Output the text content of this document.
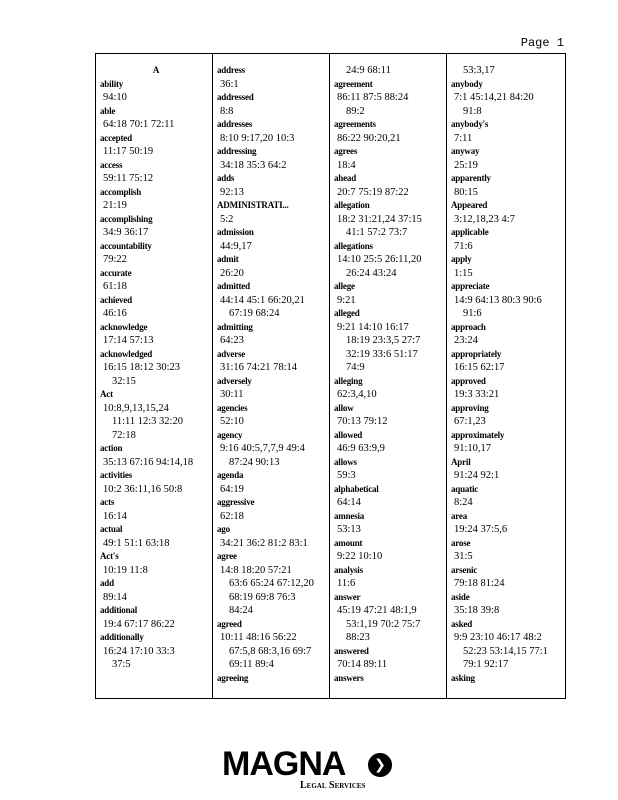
Page 1
A
ability
94:10
able
64:18 70:1 72:11
accepted
11:17 50:19
access
59:11 75:12
accomplish
21:19
accomplishing
34:9 36:17
accountability
79:22
accurate
61:18
achieved
46:16
acknowledge
17:14 57:13
acknowledged
16:15 18:12 30:23
32:15
Act
10:8,9,13,15,24
11:11 12:3 32:20
72:18
action
35:13 67:16 94:14,18
activities
10:2 36:11,16 50:8
acts
16:14
actual
49:1 51:1 63:18
Act's
10:19 11:8
add
89:14
additional
19:4 67:17 86:22
additionally
16:24 17:10 33:3
37:5
address
36:1
addressed
8:8
addresses
8:10 9:17,20 10:3
addressing
34:18 35:3 64:2
adds
92:13
ADMINISTRATI...
5:2
admission
44:9,17
admit
26:20
admitted
44:14 45:1 66:20,21
67:19 68:24
admitting
64:23
adverse
31:16 74:21 78:14
adversely
30:11
agencies
52:10
agency
9:16 40:5,7,7,9 49:4
87:24 90:13
agenda
64:19
aggressive
62:18
ago
34:21 36:2 81:2 83:1
agree
14:8 18:20 57:21
63:6 65:24 67:12,20
68:19 69:8 76:3
84:24
agreed
10:11 48:16 56:22
67:5,8 68:3,16 69:7
69:11 89:4
agreeing
24:9 68:11
agreement
86:11 87:5 88:24
89:2
agreements
86:22 90:20,21
agrees
18:4
ahead
20:7 75:19 87:22
allegation
18:2 31:21,24 37:15
41:1 57:2 73:7
allegations
14:10 25:5 26:11,20
26:24 43:24
allege
9:21
alleged
9:21 14:10 16:17
18:19 23:3,5 27:7
32:19 33:6 51:17
74:9
alleging
62:3,4,10
allow
70:13 79:12
allowed
46:9 63:9,9
allows
59:3
alphabetical
64:14
amnesia
53:13
amount
9:22 10:10
analysis
11:6
answer
45:19 47:21 48:1,9
53:1,19 70:2 75:7
88:23
answered
70:14 89:11
answers
53:3,17
anybody
7:1 45:14,21 84:20
91:8
anybody's
7:11
anyway
25:19
apparently
80:15
Appeared
3:12,18,23 4:7
applicable
71:6
apply
1:15
appreciate
14:9 64:13 80:3 90:6
91:6
approach
23:24
appropriately
16:15 62:17
approved
19:3 33:21
approving
67:1,23
approximately
91:10,17
April
91:24 92:1
aquatic
8:24
area
19:24 37:5,6
arose
31:5
arsenic
79:18 81:24
aside
35:18 39:8
asked
9:9 23:10 46:17 48:2
52:23 53:14,15 77:1
79:1 92:17
asking
MAGNA	❯
Legal Services
